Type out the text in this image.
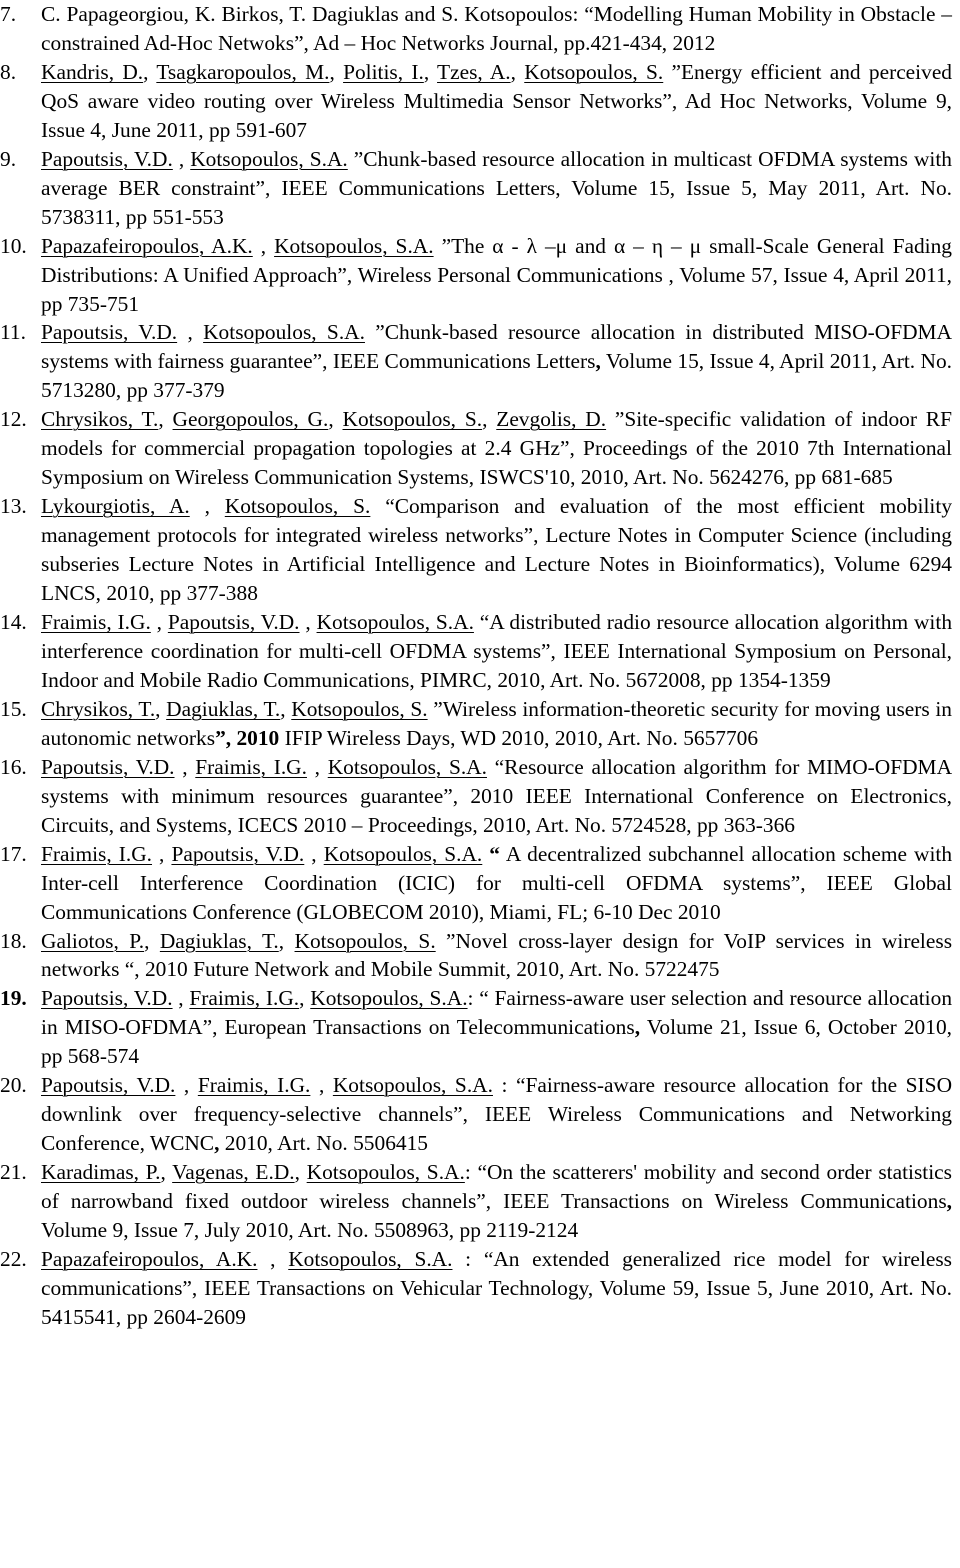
7. C. Papageorgiou, K. Birkos, T. Dagiuklas and S. Kotsopoulos: “Modelling Human Mobility in Obstacle – constrained Ad-Hoc Netwoks”, Ad – Hoc Networks Journal, pp.421-434, 2012
8. Kandris, D., Tsagkaropoulos, M., Politis, I., Tzes, A., Kotsopoulos, S. ”Energy efficient and perceived QoS aware video routing over Wireless Multimedia Sensor Networks”, Ad Hoc Networks, Volume 9, Issue 4, June 2011, pp 591-607
9. Papoutsis, V.D. , Kotsopoulos, S.A. ”Chunk-based resource allocation in multicast OFDMA systems with average BER constraint”, IEEE Communications Letters, Volume 15, Issue 5, May 2011, Art. No. 5738311, pp 551-553
10. Papazafeiropoulos, A.K. , Kotsopoulos, S.A. ”The α - λ –μ and α – η – μ small-Scale General Fading Distributions: A Unified Approach”, Wireless Personal Communications , Volume 57, Issue 4, April 2011, pp 735-751
11. Papoutsis, V.D. , Kotsopoulos, S.A. ”Chunk-based resource allocation in distributed MISO-OFDMA systems with fairness guarantee”, IEEE Communications Letters, Volume 15, Issue 4, April 2011, Art. No. 5713280, pp 377-379
12. Chrysikos, T., Georgopoulos, G., Kotsopoulos, S., Zevgolis, D. ”Site-specific validation of indoor RF models for commercial propagation topologies at 2.4 GHz”, Proceedings of the 2010 7th International Symposium on Wireless Communication Systems, ISWCS'10, 2010, Art. No. 5624276, pp 681-685
13. Lykourgiotis, A. , Kotsopoulos, S. “Comparison and evaluation of the most efficient mobility management protocols for integrated wireless networks”, Lecture Notes in Computer Science (including subseries Lecture Notes in Artificial Intelligence and Lecture Notes in Bioinformatics), Volume 6294 LNCS, 2010, pp 377-388
14. Fraimis, I.G. , Papoutsis, V.D. , Kotsopoulos, S.A. “A distributed radio resource allocation algorithm with interference coordination for multi-cell OFDMA systems”, IEEE International Symposium on Personal, Indoor and Mobile Radio Communications, PIMRC, 2010, Art. No. 5672008, pp 1354-1359
15. Chrysikos, T., Dagiuklas, T., Kotsopoulos, S. ”Wireless information-theoretic security for moving users in autonomic networks”, 2010 IFIP Wireless Days, WD 2010, 2010, Art. No. 5657706
16. Papoutsis, V.D. , Fraimis, I.G. , Kotsopoulos, S.A. “Resource allocation algorithm for MIMO-OFDMA systems with minimum resources guarantee”, 2010 IEEE International Conference on Electronics, Circuits, and Systems, ICECS 2010 – Proceedings, 2010, Art. No. 5724528, pp 363-366
17. Fraimis, I.G. , Papoutsis, V.D. , Kotsopoulos, S.A. “ A decentralized subchannel allocation scheme with Inter-cell Interference Coordination (ICIC) for multi-cell OFDMA systems”, IEEE Global Communications Conference (GLOBECOM 2010), Miami, FL; 6-10 Dec 2010
18. Galiotos, P., Dagiuklas, T., Kotsopoulos, S. ”Novel cross-layer design for VoIP services in wireless networks “, 2010 Future Network and Mobile Summit, 2010, Art. No. 5722475
19. Papoutsis, V.D. , Fraimis, I.G., Kotsopoulos, S.A.: “ Fairness-aware user selection and resource allocation in MISO-OFDMA”, European Transactions on Telecommunications, Volume 21, Issue 6, October 2010, pp 568-574
20. Papoutsis, V.D. , Fraimis, I.G. , Kotsopoulos, S.A. : “Fairness-aware resource allocation for the SISO downlink over frequency-selective channels”, IEEE Wireless Communications and Networking Conference, WCNC, 2010, Art. No. 5506415
21. Karadimas, P., Vagenas, E.D., Kotsopoulos, S.A.: “On the scatterers' mobility and second order statistics of narrowband fixed outdoor wireless channels”, IEEE Transactions on Wireless Communications, Volume 9, Issue 7, July 2010, Art. No. 5508963, pp 2119-2124
22. Papazafeiropoulos, A.K. , Kotsopoulos, S.A. : “An extended generalized rice model for wireless communications”, IEEE Transactions on Vehicular Technology, Volume 59, Issue 5, June 2010, Art. No. 5415541, pp 2604-2609
